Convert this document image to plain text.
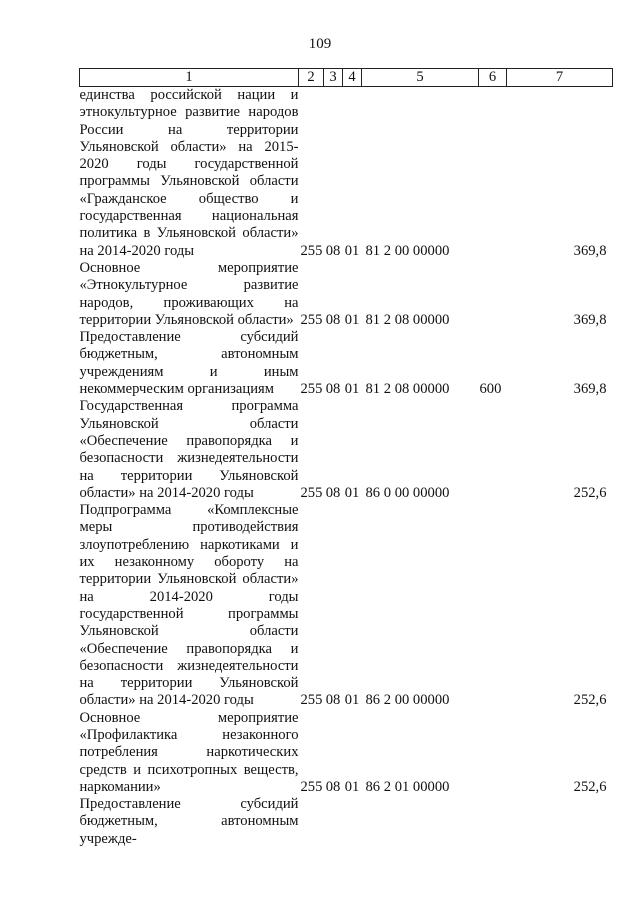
109
1	2	3	4	5	6	7
единства российской нации и этнокультурное развитие народов России на территории Ульяновской области» на 2015-2020 годы государственной программы Ульяновской области «Гражданское общество и государственная национальная политика в Ульяновской области» на 2014-2020 годы	255	08	01	81 2 00 00000		369,8
Основное мероприятие «Этнокультурное развитие народов, проживающих на территории Ульяновской области»	255	08	01	81 2 08 00000		369,8
Предоставление субсидий бюджетным, автономным учреждениям и иным некоммерческим организациям	255	08	01	81 2 08 00000	600	369,8
Государственная программа Ульяновской области «Обеспечение правопорядка и безопасности жизнедеятельности на территории Ульяновской области» на 2014-2020 годы	255	08	01	86 0 00 00000		252,6
Подпрограмма «Комплексные меры противодействия злоупотреблению наркотиками и их незаконному обороту на территории Ульяновской области» на 2014-2020 годы государственной программы Ульяновской области «Обеспечение правопорядка и безопасности жизнедеятельности на территории Ульяновской области» на 2014-2020 годы	255	08	01	86 2 00 00000		252,6
Основное мероприятие «Профилактика незаконного потребления наркотических средств и психотропных веществ, наркомании»	255	08	01	86 2 01 00000		252,6
Предоставление субсидий бюджетным, автономным учрежде-						
